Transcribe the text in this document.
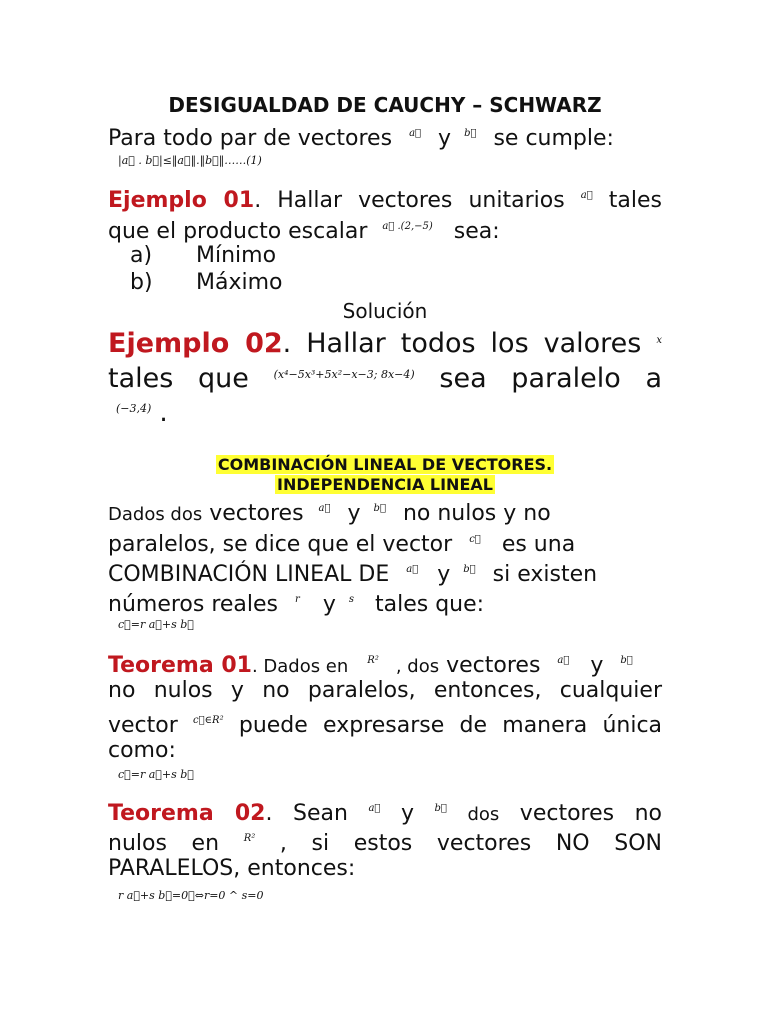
DESIGUALDAD DE CAUCHY – SCHWARZ
Para todo par de vectores a⃗ y b⃗ se cumple:
|a⃗ . b⃗|≤‖a⃗‖.‖b⃗‖……(1)
Ejemplo 01. Hallar vectores unitarios a⃗ tales
que el producto escalar a⃗ .(2,−5) sea:
a) Mínimo
b) Máximo
Solución
Ejemplo 02. Hallar todos los valores x
tales que (x⁴−5x³+5x²−x−3; 8x−4) sea paralelo a
(−3,4) .
COMBINACIÓN LINEAL DE VECTORES.
INDEPENDENCIA LINEAL
Dados dos vectores a⃗ y b⃗ no nulos y no
paralelos, se dice que el vector c⃗ es una
COMBINACIÓN LINEAL DE a⃗ y b⃗ si existen
números reales r y s tales que:
c⃗=r a⃗+s b⃗
Teorema 01. Dados en R² , dos vectores a⃗ y b⃗
no nulos y no paralelos, entonces, cualquier
vector c⃗∈R² puede expresarse de manera única
como:
c⃗=r a⃗+s b⃗
Teorema 02. Sean a⃗ y b⃗ dos vectores no
nulos en R² , si estos vectores NO SON
PARALELOS, entonces:
r a⃗+s b⃗=0⃗⇔r=0 ^ s=0
